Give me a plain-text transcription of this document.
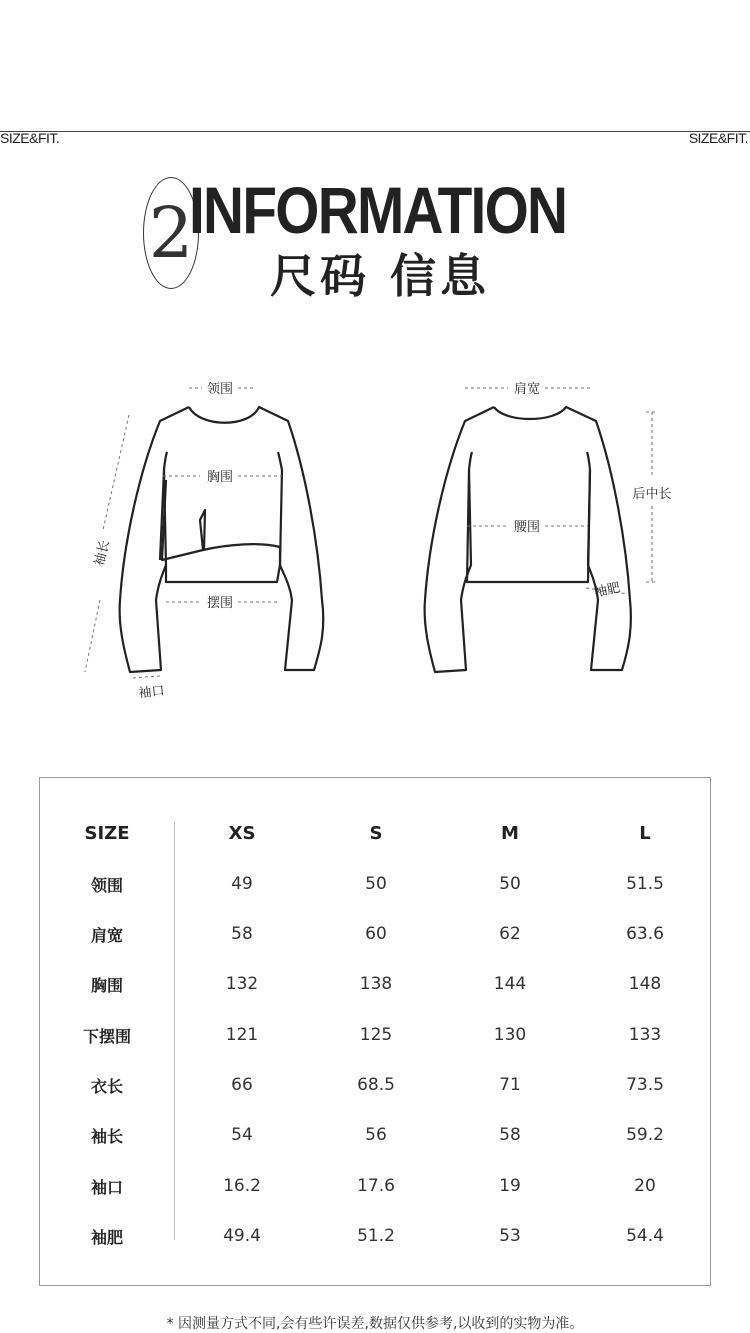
SIZE&FIT.	SIZE&FIT.
2
INFORMATION
尺码 信息
领围
胸围
摆围
袖长
袖口
肩宽
腰围
后中长
袖肥
SIZE	XS	S	M	L
领围	49	50	50	51.5
肩宽	58	60	62	63.6
胸围	132	138	144	148
下摆围	121	125	130	133
衣长	66	68.5	71	73.5
袖长	54	56	58	59.2
袖口	16.2	17.6	19	20
袖肥	49.4	51.2	53	54.4
* 因测量方式不同,会有些许误差,数据仅供参考,以收到的实物为准。
